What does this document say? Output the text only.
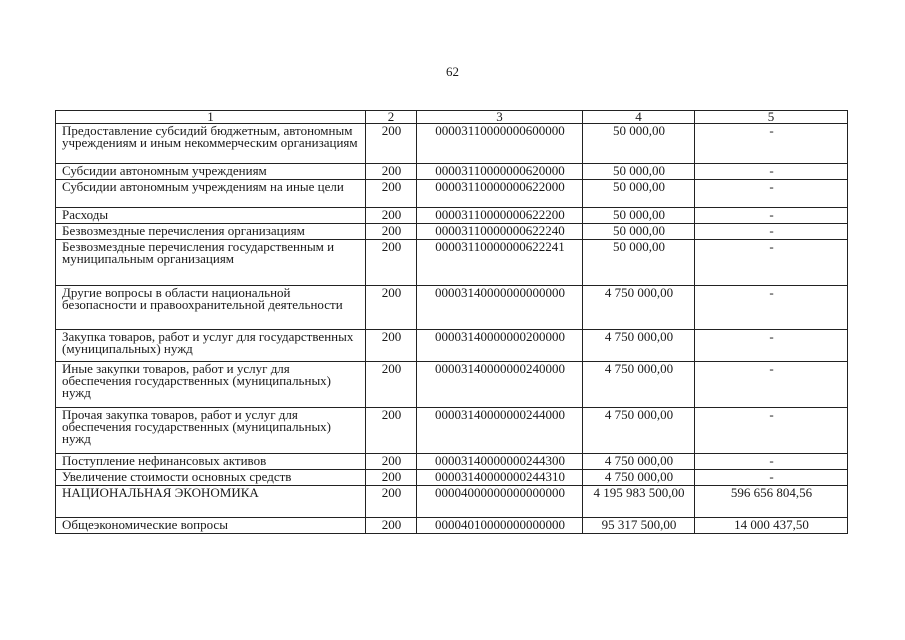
62
1	2	3	4	5
Предоставление субсидий бюджетным, автономным учреждениям и иным некоммерческим организациям	200	00003110000000600000	50 000,00	-
Субсидии автономным учреждениям	200	00003110000000620000	50 000,00	-
Субсидии автономным учреждениям на иные цели	200	00003110000000622000	50 000,00	-
Расходы	200	00003110000000622200	50 000,00	-
Безвозмездные перечисления организациям	200	00003110000000622240	50 000,00	-
Безвозмездные перечисления государственным и муниципальным организациям	200	00003110000000622241	50 000,00	-
Другие вопросы в области национальной безопасности и правоохранительной деятельности	200	00003140000000000000	4 750 000,00	-
Закупка товаров, работ и услуг для государственных (муниципальных) нужд	200	00003140000000200000	4 750 000,00	-
Иные закупки товаров, работ и услуг для обеспечения государственных (муниципальных) нужд	200	00003140000000240000	4 750 000,00	-
Прочая закупка товаров, работ и услуг для обеспечения государственных (муниципальных) нужд	200	00003140000000244000	4 750 000,00	-
Поступление нефинансовых активов	200	00003140000000244300	4 750 000,00	-
Увеличение стоимости основных средств	200	00003140000000244310	4 750 000,00	-
НАЦИОНАЛЬНАЯ ЭКОНОМИКА	200	00004000000000000000	4 195 983 500,00	596 656 804,56
Общеэкономические вопросы	200	00004010000000000000	95 317 500,00	14 000 437,50
